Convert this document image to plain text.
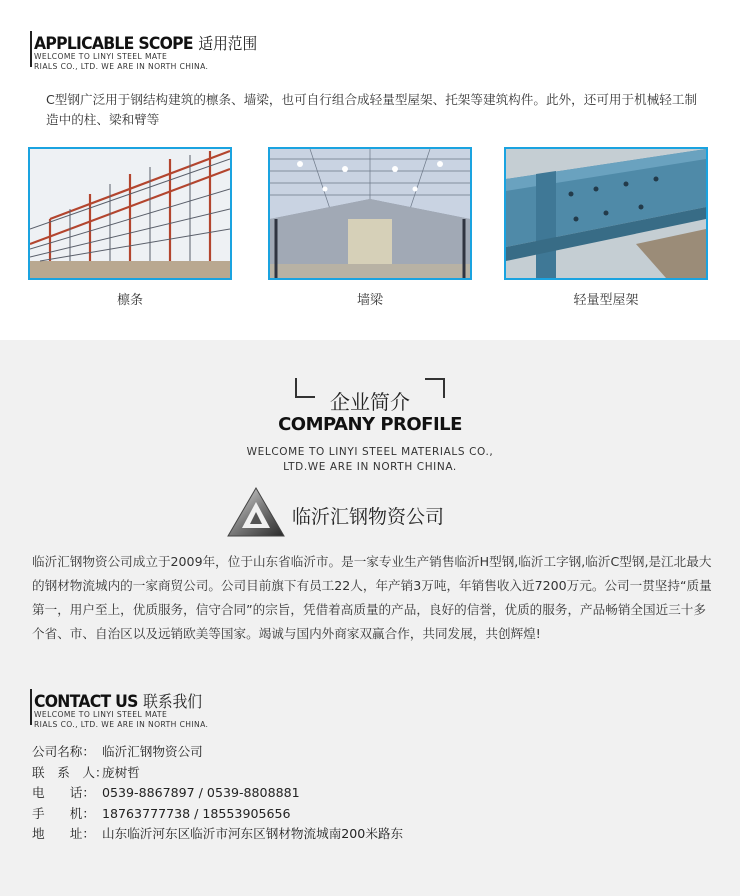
APPLICABLE SCOPE 适用范围
WELCOME TO LINYI STEEL MATE
RIALS CO., LTD. WE ARE IN NORTH CHINA.
C型钢广泛用于钢结构建筑的檩条、墙梁，也可自行组合成轻量型屋架、托架等建筑构件。此外，还可用于机械轻工制造中的柱、梁和臂等
檩条	墙梁	轻量型屋架
企业简介
COMPANY PROFILE
WELCOME TO LINYI STEEL MATERIALS CO.,
LTD.WE ARE IN NORTH CHINA.
临沂汇钢物资公司
临沂汇钢物资公司成立于2009年，位于山东省临沂市。是一家专业生产销售临沂H型钢,临沂工字钢,临沂C型钢,是江北最大的钢材物流城内的一家商贸公司。公司目前旗下有员工22人，年产销3万吨，年销售收入近7200万元。公司一贯坚持“质量第一，用户至上，优质服务，信守合同”的宗旨，凭借着高质量的产品，良好的信誉，优质的服务，产品畅销全国近三十多个省、市、自治区以及远销欧美等国家。竭诚与国内外商家双赢合作，共同发展，共创辉煌!
CONTACT US 联系我们
WELCOME TO LINYI STEEL MATE
RIALS CO., LTD. WE ARE IN NORTH CHINA.
公司名称： 临沂汇钢物资公司
联　系　人：庞树哲
电　　话： 0539-8867897 / 0539-8808881
手　　机： 18763777738 / 18553905656
地　　址： 山东临沂河东区临沂市河东区钢材物流城南200米路东
